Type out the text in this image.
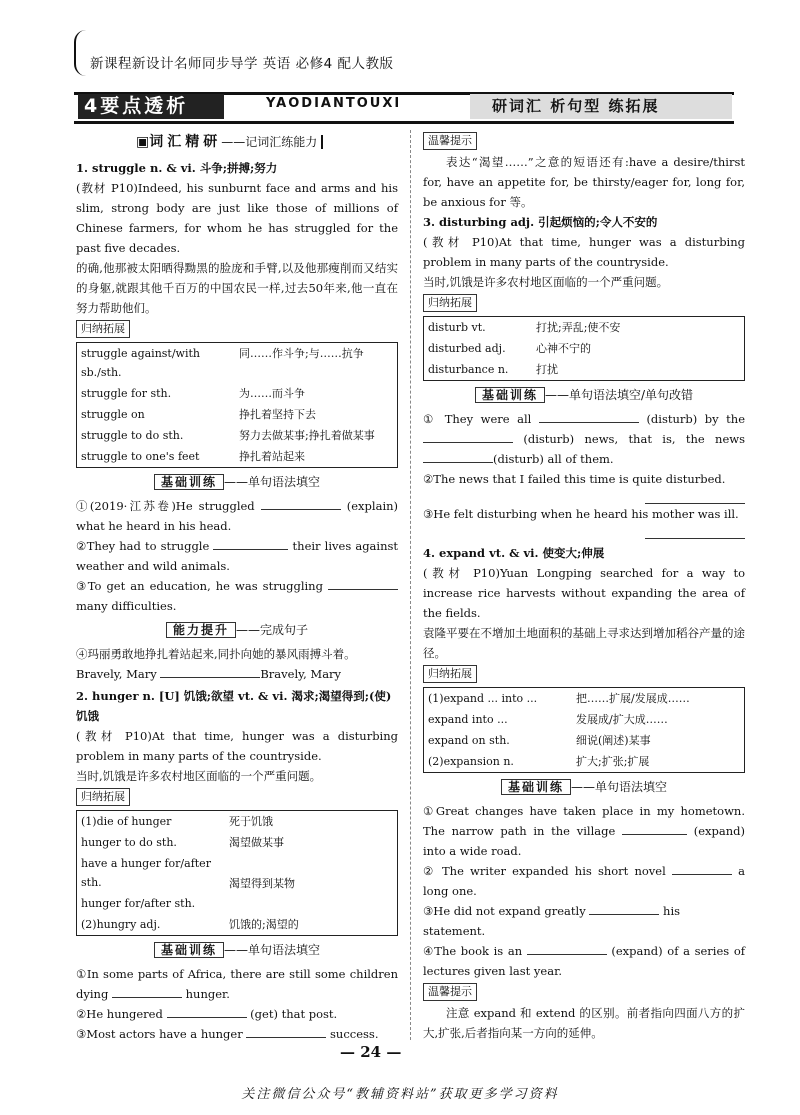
新课程新设计名师同步导学 英语 必修4 配人教版
4要点透析	YAODIANTOUXI	研词汇 析句型 练拓展
▣词汇精研——记词汇练能力

1. struggle n. & vi. 斗争;拼搏;努力

(教材 P10)Indeed, his sunburnt face and arms and his slim, strong body are just like those of millions of Chinese farmers, for whom he has struggled for the past five decades.

的确,他那被太阳晒得黝黑的脸庞和手臂,以及他那瘦削而又结实的身躯,就跟其他千百万的中国农民一样,过去50年来,他一直在努力帮助他们。

归纳拓展
struggle against/with sb./sth.	同……作斗争;与……抗争
struggle for sth.	为……而斗争
struggle on	挣扎着坚持下去
struggle to do sth.	努力去做某事;挣扎着做某事
struggle to one's feet	挣扎着站起来
基础训练 ——单句语法填空

①(2019·江苏卷)He struggled	(explain) what he heard in his head.

②They had to struggle	their lives against weather and wild animals.

③To get an education, he was struggling  many difficulties.

能力提升 ——完成句子

④玛丽勇敢地挣扎着站起来,同扑向她的暴风雨搏斗着。

Bravely, Mary	Bravely, Mary

2. hunger n. [U] 饥饿;欲望 vt. & vi. 渴求;渴望得到;(使)饥饿

(教材 P10)At that time, hunger was a disturbing problem in many parts of the countryside.

当时,饥饿是许多农村地区面临的一个严重问题。

归纳拓展
(1)die of hunger	死于饥饿
hunger to do sth.	渴望做某事
have a hunger for/after sth.	渴望得到某物
hunger for/after sth.	
(2)hungry adj.	饥饿的;渴望的
基础训练 ——单句语法填空

①In some parts of Africa, there are still some children dying	hunger.

②He hungered	(get) that post.

③Most actors have a hunger	success.

温馨提示

表达“渴望……”之意的短语还有:have a desire/thirst for, have an appetite for, be thirsty/eager for, long for, be anxious for 等。

3. disturbing adj. 引起烦恼的;令人不安的

(教材 P10)At that time, hunger was a disturbing problem in many parts of the countryside.

当时,饥饿是许多农村地区面临的一个严重问题。

归纳拓展
disturb vt.	打扰;弄乱;使不安
disturbed adj.	心神不宁的
disturbance n.	打扰
基础训练 ——单句语法填空/单句改错

① They were all	(disturb) by the  (disturb) news, that is, the news (disturb) all of them.

②The news that I failed this time is quite disturbed.

③He felt disturbing when he heard his mother was ill.

4. expand vt. & vi. 使变大;伸展

(教材 P10)Yuan Longping searched for a way to increase rice harvests without expanding the area of the fields.

袁隆平要在不增加土地面积的基础上寻求达到增加稻谷产量的途径。

归纳拓展
(1)expand ... into ...	把……扩展/发展成……
expand into ...	发展成/扩大成……
expand on sth.	细说(阐述)某事
(2)expansion n.	扩大;扩张;扩展
基础训练 ——单句语法填空

①Great changes have taken place in my hometown. The narrow path in the village	(expand) into a wide road.

② The writer expanded his short novel	a long one.

③He did not expand greatly	his statement.

④The book is an	(expand) of a series of lectures given last year.

温馨提示

注意 expand 和 extend 的区别。前者指向四面八方的扩大,扩张,后者指向某一方向的延伸。

— 24 —
关注微信公众号“教辅资料站”获取更多学习资料
